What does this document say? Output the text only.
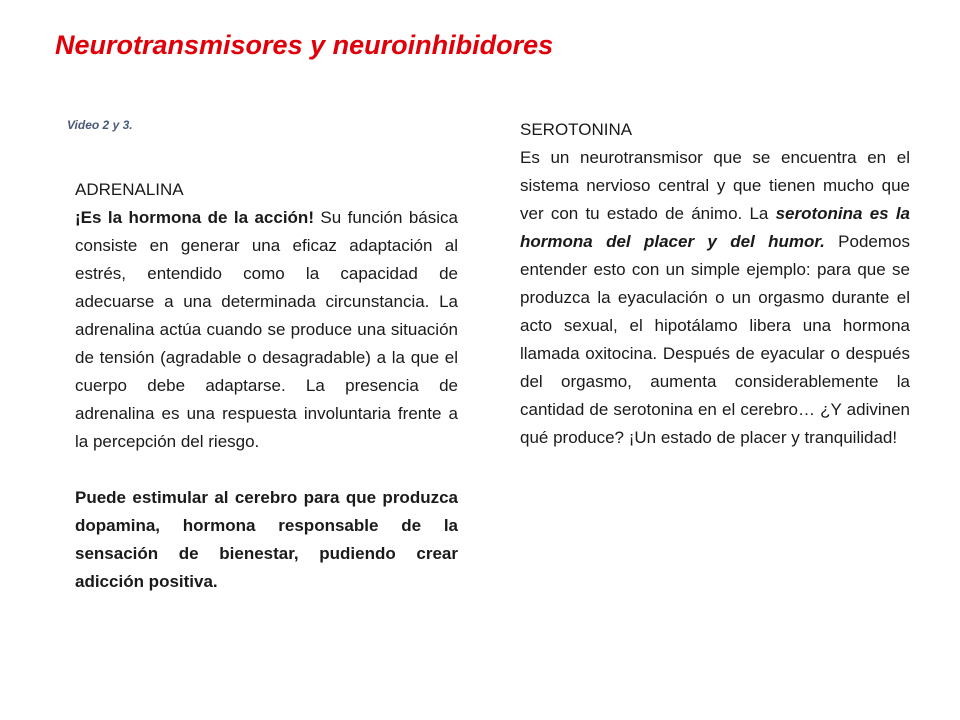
Neurotransmisores y neuroinhibidores
Video 2 y 3.
ADRENALINA

¡Es la hormona de la acción! Su función básica consiste en generar una eficaz adaptación al estrés, entendido como la capacidad de adecuarse a una determinada circunstancia. La adrenalina actúa cuando se produce una situación de tensión (agradable o desagradable) a la que el cuerpo debe adaptarse. La presencia de adrenalina es una respuesta involuntaria frente a la percepción del riesgo.

Puede estimular al cerebro para que produzca dopamina, hormona responsable de la sensación de bienestar, pudiendo crear adicción positiva.

SEROTONINA

Es un neurotransmisor que se encuentra en el sistema nervioso central y que tienen mucho que ver con tu estado de ánimo. La serotonina es la hormona del placer y del humor. Podemos entender esto con un simple ejemplo: para que se produzca la eyaculación o un orgasmo durante el acto sexual, el hipotálamo libera una hormona llamada oxitocina. Después de eyacular o después del orgasmo, aumenta considerablemente la cantidad de serotonina en el cerebro… ¿Y adivinen qué produce? ¡Un estado de placer y tranquilidad!
